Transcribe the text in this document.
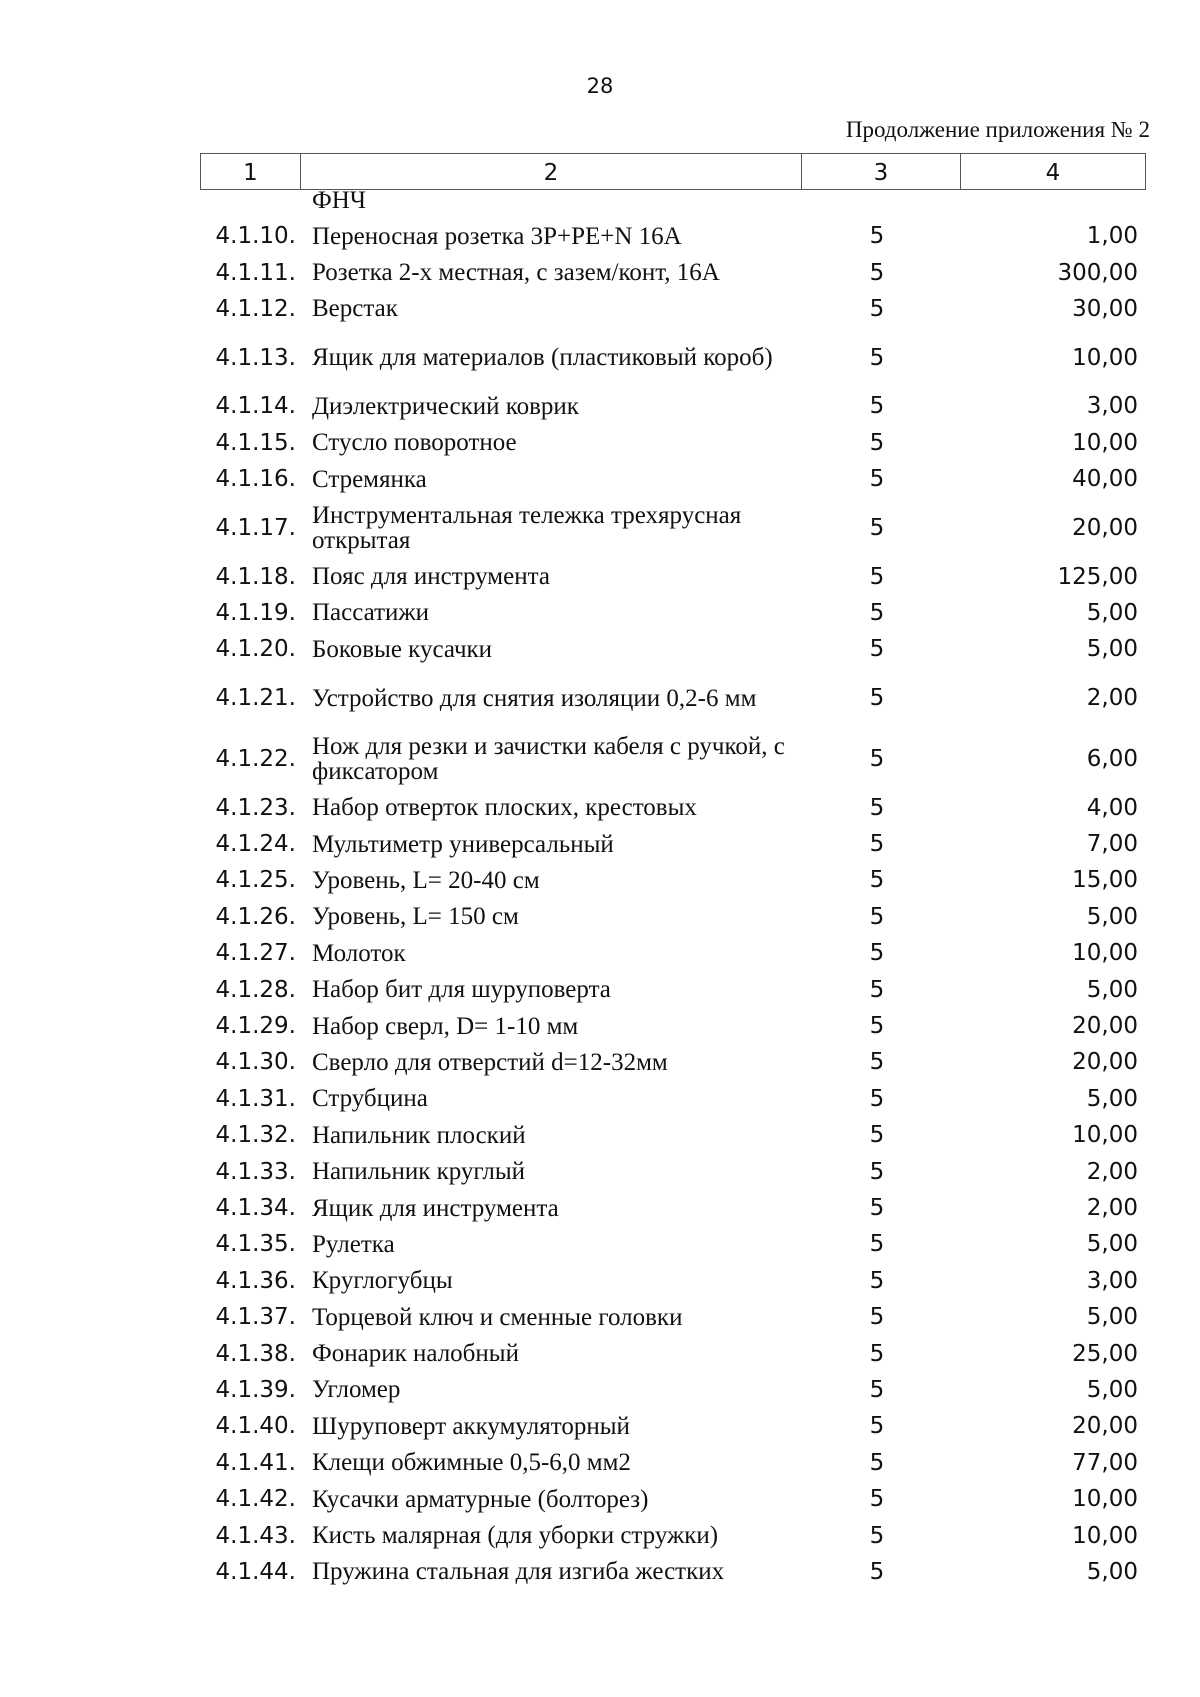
28
Продолжение приложения № 2
1	2	3	4
ФНЧ
4.1.10. Переносная розетка 3P+PE+N 16A	5	1,00
4.1.11. Розетка 2-х местная, с зазем/конт, 16А	5	300,00
4.1.12. Верстак	5	30,00
4.1.13. Ящик для материалов (пластиковый короб)	5	10,00
4.1.14. Диэлектрический коврик	5	3,00
4.1.15. Стусло поворотное	5	10,00
4.1.16. Стремянка	5	40,00
4.1.17. Инструментальная тележка трехярусная открытая	5	20,00
4.1.18. Пояс для инструмента	5	125,00
4.1.19. Пассатижи	5	5,00
4.1.20. Боковые кусачки	5	5,00
4.1.21. Устройство для снятия изоляции 0,2-6 мм	5	2,00
4.1.22. Нож для резки и зачистки кабеля с ручкой, с фиксатором	5	6,00
4.1.23. Набор отверток плоских, крестовых	5	4,00
4.1.24. Мультиметр универсальный	5	7,00
4.1.25. Уровень, L= 20-40 см	5	15,00
4.1.26. Уровень, L= 150 см	5	5,00
4.1.27. Молоток	5	10,00
4.1.28. Набор бит для шуруповерта	5	5,00
4.1.29. Набор сверл, D= 1-10 мм	5	20,00
4.1.30. Сверло для отверстий d=12-32мм	5	20,00
4.1.31. Струбцина	5	5,00
4.1.32. Напильник плоский	5	10,00
4.1.33. Напильник круглый	5	2,00
4.1.34. Ящик для инструмента	5	2,00
4.1.35. Рулетка	5	5,00
4.1.36. Круглогубцы	5	3,00
4.1.37. Торцевой ключ и сменные головки	5	5,00
4.1.38. Фонарик налобный	5	25,00
4.1.39. Угломер	5	5,00
4.1.40. Шуруповерт аккумуляторный	5	20,00
4.1.41. Клещи обжимные 0,5-6,0 мм2	5	77,00
4.1.42. Кусачки арматурные (болторез)	5	10,00
4.1.43. Кисть малярная (для уборки стружки)	5	10,00
4.1.44. Пружина стальная для изгиба жестких	5	5,00
